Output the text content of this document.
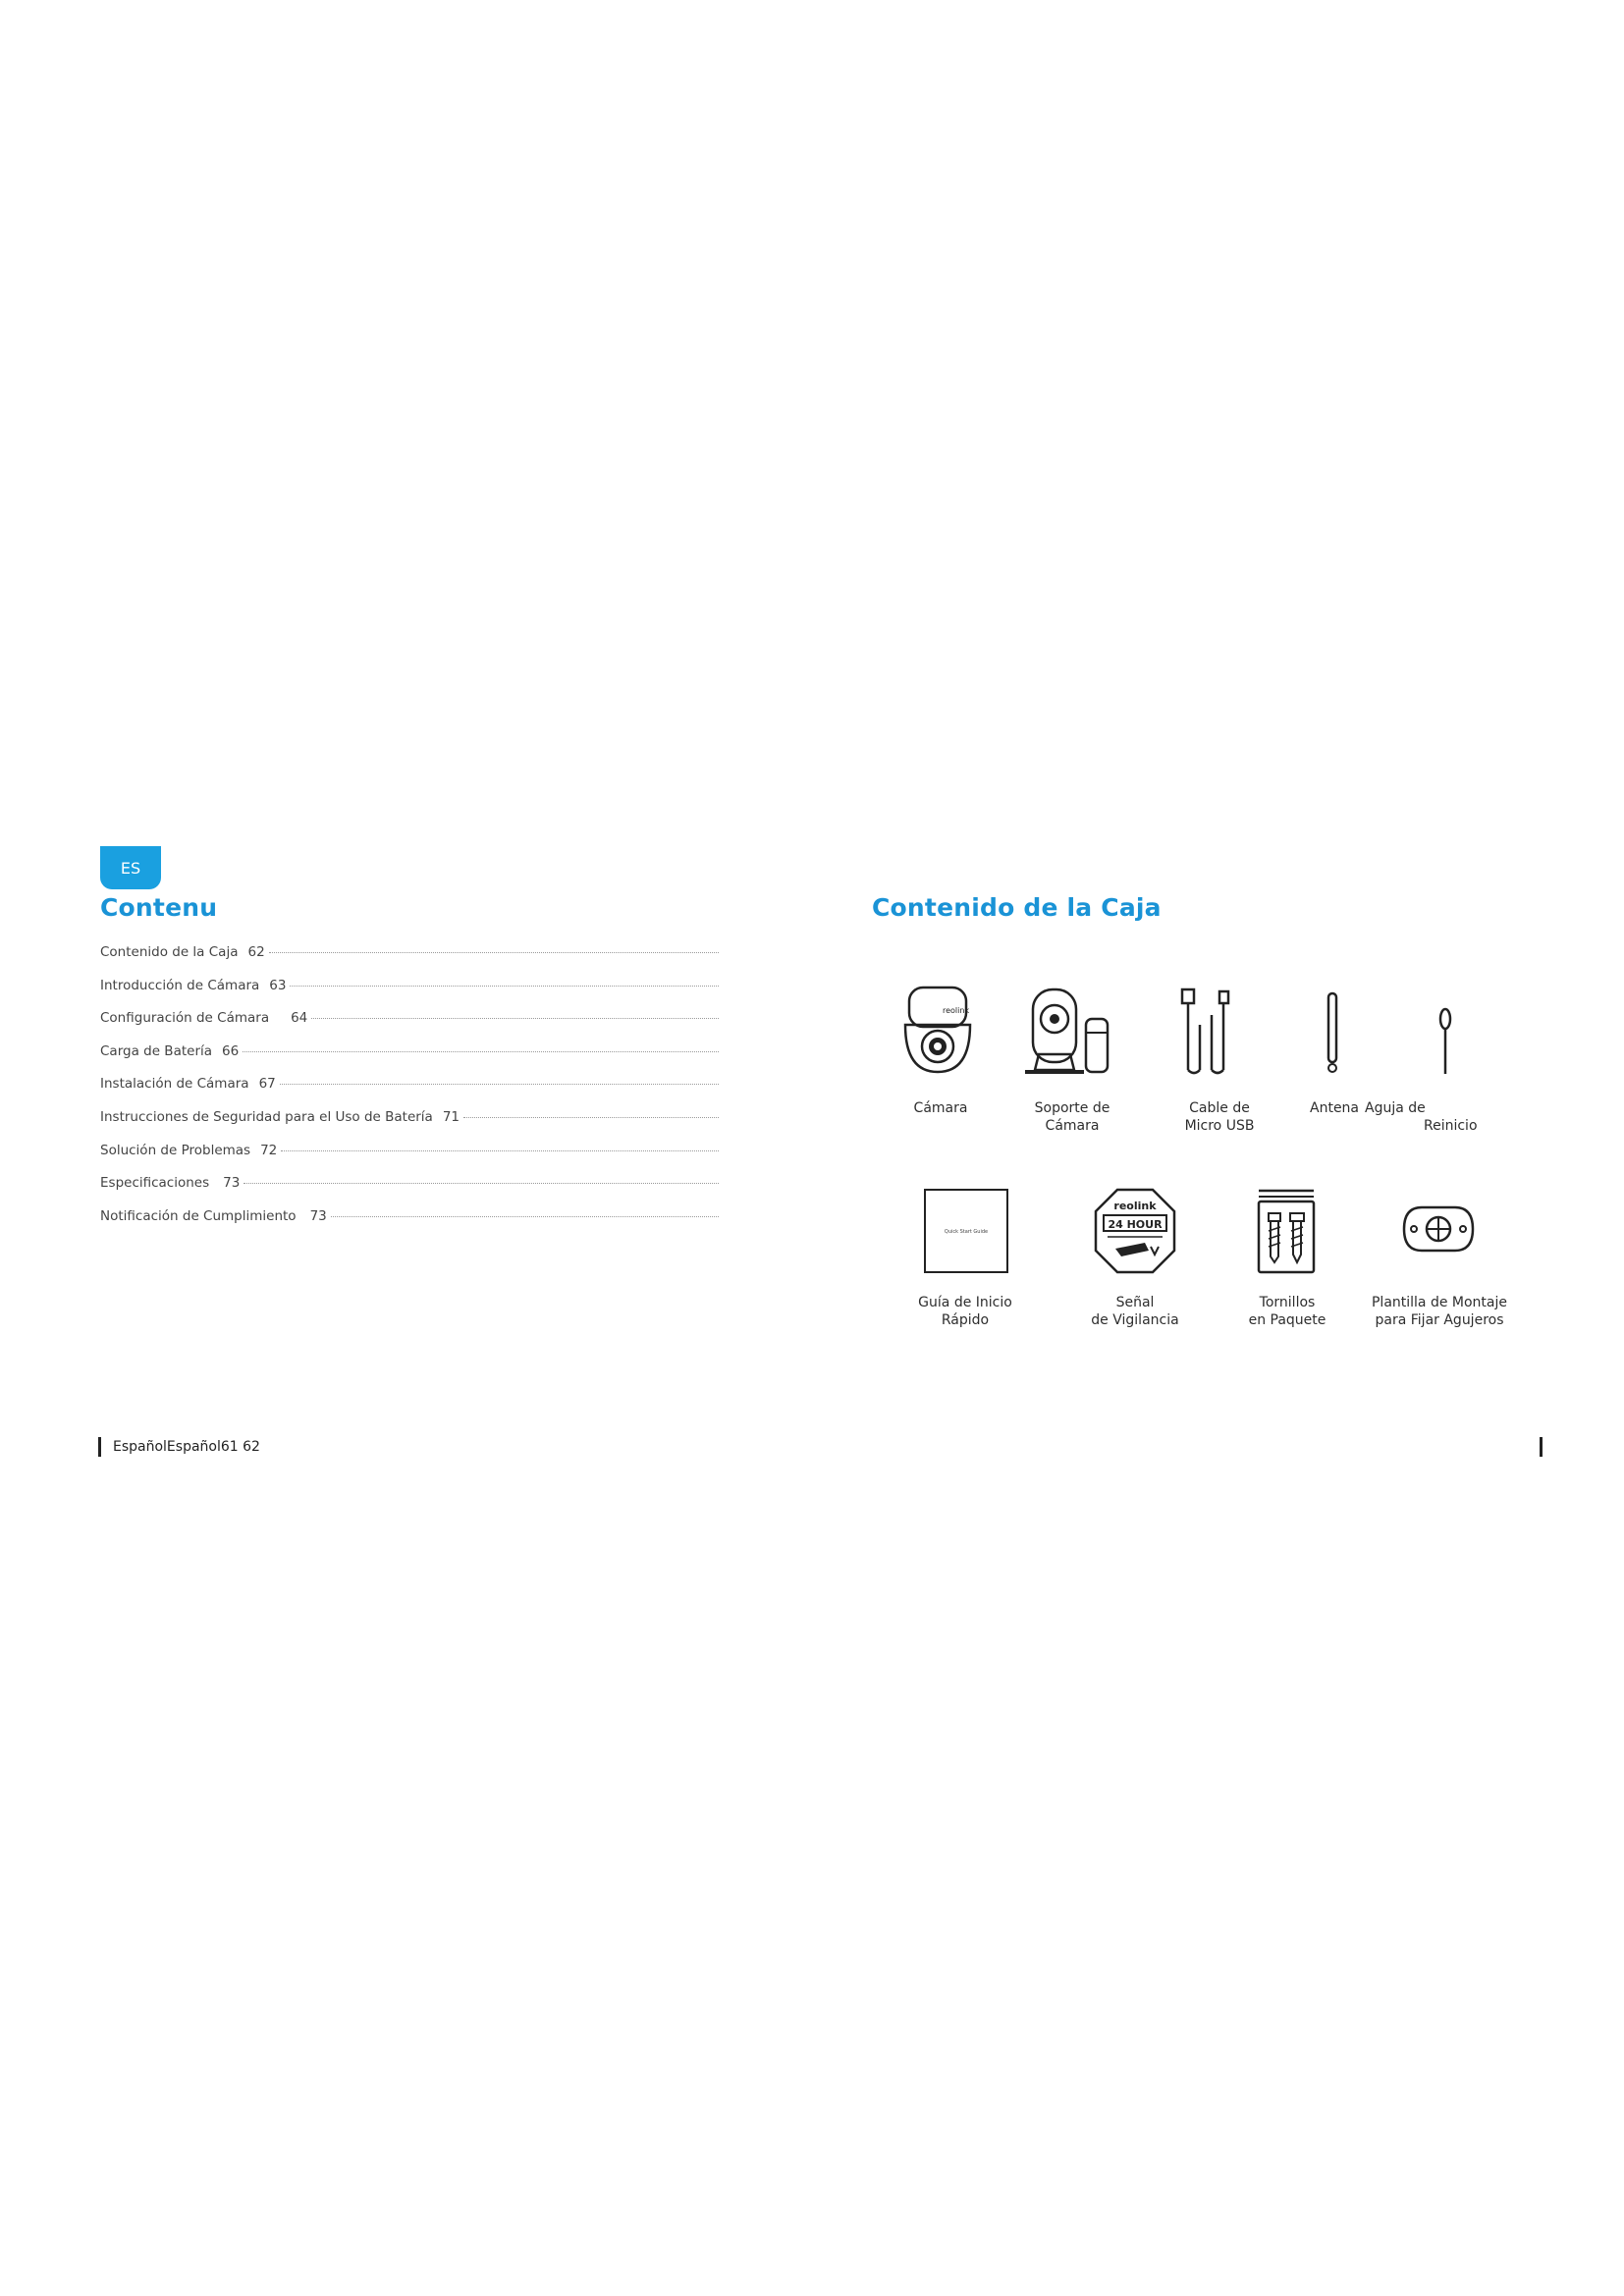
ES
Contenu	Contenido de la Caja
Contenido de la Caja 62
Introducción de Cámara 63
Configuración de Cámara 64
Carga de Batería 66
Instalación de Cámara 67
Instrucciones de Seguridad para el Uso de Batería 71
Solución de Problemas 72
Especificaciones 73
Notificación de Cumplimiento 73
reolink
Cámara	Soporte de
Cámara
Cable de
Micro USB
Antena Aguja de
Reinicio
Quick Start Guide
reolink
24 HOUR
Guía de Inicio
Rápido
Señal
de Vigilancia
Tornillos
en Paquete
Plantilla de Montaje
para Fijar Agujeros
EspañolEspañol61 62
